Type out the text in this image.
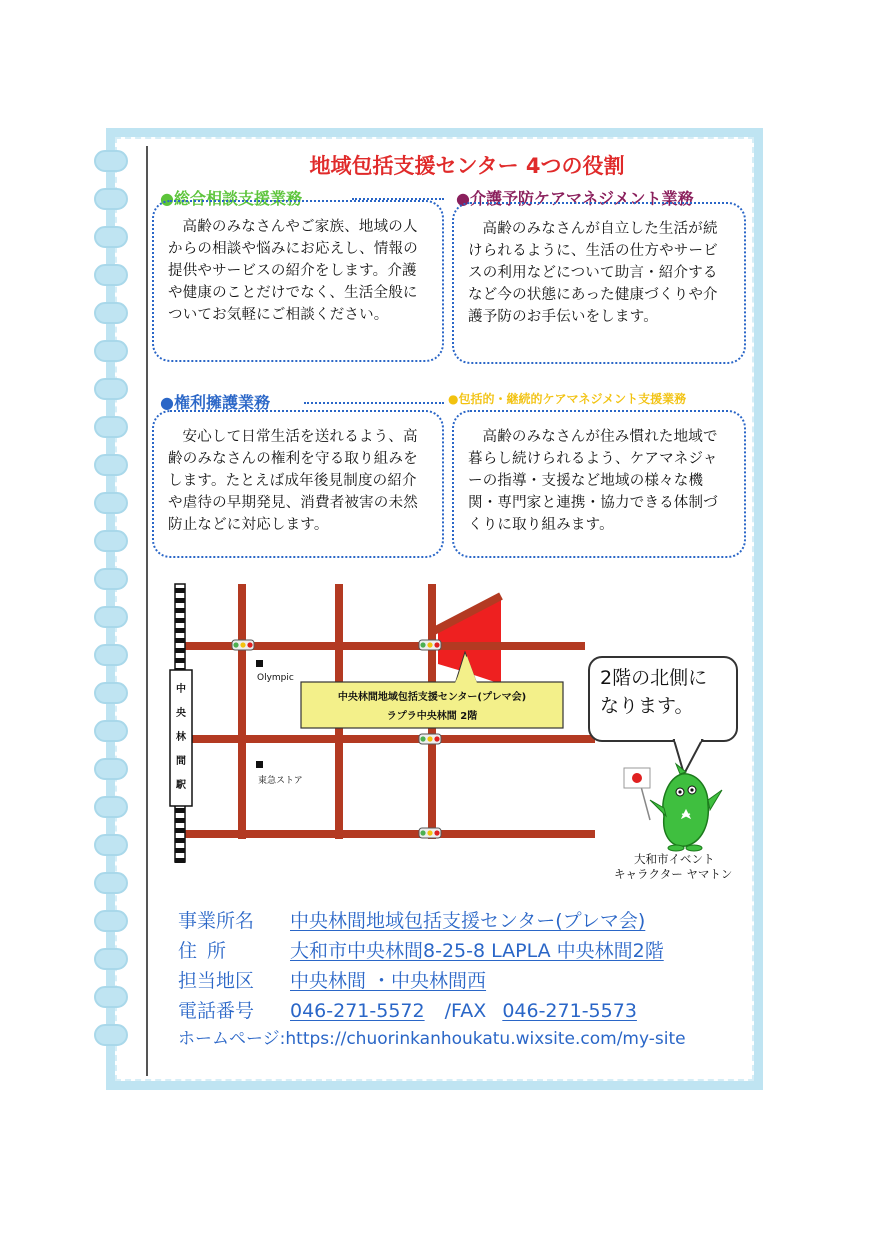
地域包括支援センター 4つの役割
●総合相談支援業務

高齢のみなさんやご家族、地域の人からの相談や悩みにお応えし、情報の提供やサービスの紹介をします。介護や健康のことだけでなく、生活全般についてお気軽にご相談ください。

●介護予防ケアマネジメント業務

高齢のみなさんが自立した生活が続けられるように、生活の仕方やサービスの利用などについて助言・紹介するなど今の状態にあった健康づくりや介護予防のお手伝いをします。

●権利擁護業務

安心して日常生活を送れるよう、高齢のみなさんの権利を守る取り組みをします。たとえば成年後見制度の紹介や虐待の早期発見、消費者被害の未然防止などに対応します。

●包括的・継続的ケアマネジメント支援業務

高齢のみなさんが住み慣れた地域で暮らし続けられるよう、ケアマネジャーの指導・支援など地域の様々な機関・専門家と連携・協力できる体制づくりに取り組みます。

中央林間駅
Olympic
東急ストア
中央林間地域包括支援センター(プレマ会)
ラプラ中央林間 2階
2階の北側に
なります。
大和市イベント
キャラクター ヤマトン
事業所名 中央林間地域包括支援センター(プレマ会)
住 所	大和市中央林間8-25-8 LAPLA 中央林間2階
担当地区 中央林間 ・中央林間西
電話番号 046-271-5572 /FAX 046-271-5573
ホームページ:https://chuorinkanhoukatu.wixsite.com/my-site
